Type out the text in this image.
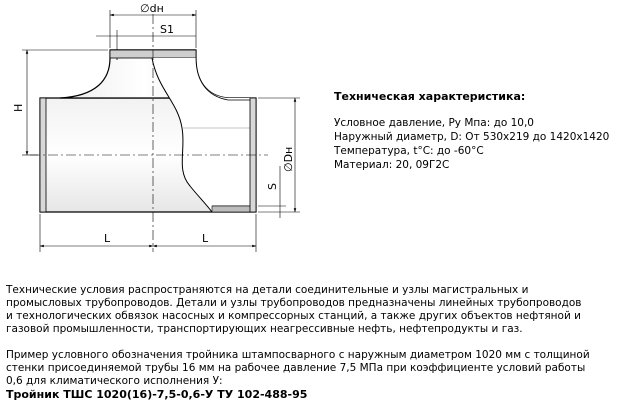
∅dн
S1
H
∅Dн
S
L	L
Техническая характеристика:
Условное давление, Ру Мпа: до 10,0
Наружный диаметр, D: От 530х219 до 1420х1420
Температура, t°C: до -60°C
Материал: 20, 09Г2С
Технические условия распространяются на детали соединительные и узлы магистральных и
промысловых трубопроводов. Детали и узлы трубопроводов предназначены линейных трубопроводов
и технологических обвязок насосных и компрессорных станций, а также других объектов нефтяной и
газовой промышленности, транспортирующих неагрессивные нефть, нефтепродукты и газ.
Пример условного обозначения тройника штампосварного с наружным диаметром 1020 мм с толщиной
стенки присоединяемой трубы 16 мм на рабочее давление 7,5 МПа при коэффициенте условий работы
0,6 для климатического исполнения У:
Тройник ТШС 1020(16)-7,5-0,6-У ТУ 102-488-95
